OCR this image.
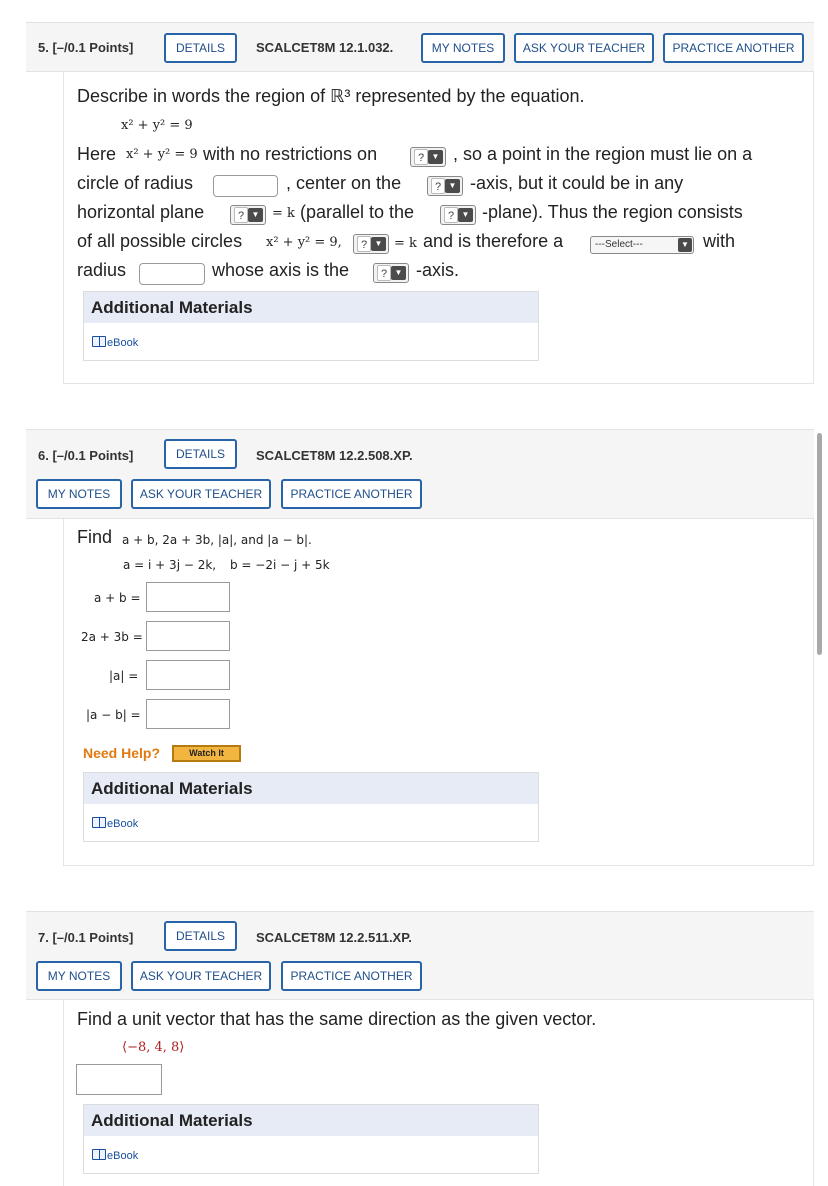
5. [–/0.1 Points]	DETAILS	SCALCET8M 12.1.032.	MY NOTES	ASK YOUR TEACHER	PRACTICE ANOTHER
Describe in words the region of ℝ³ represented by the equation.
x² + y² = 9
Here x² + y² = 9 with no restrictions on	? ▼ , so a point in the region must lie on a
circle of radius	, center on the	? ▼ -axis, but it could be in any
horizontal plane	? ▼ = k (parallel to the	? ▼ -plane). Thus the region consists
of all possible circles x² + y² = 9,	? ▼ = k and is therefore a	---Select---	▼ with
radius	whose axis is the	? ▼ -axis.
Additional Materials
eBook
6. [–/0.1 Points]	DETAILS	SCALCET8M 12.2.508.XP.
MY NOTES	ASK YOUR TEACHER	PRACTICE ANOTHER
Find a + b, 2a + 3b, |a|, and |a − b|.
a = i + 3j − 2k, b = −2i − j + 5k
a + b =
2a + 3b =
|a| =
|a − b| =
Need Help?	Watch It
Additional Materials
eBook
7. [–/0.1 Points]	DETAILS	SCALCET8M 12.2.511.XP.
MY NOTES	ASK YOUR TEACHER	PRACTICE ANOTHER
Find a unit vector that has the same direction as the given vector.
⟨−8, 4, 8⟩
Additional Materials
eBook
